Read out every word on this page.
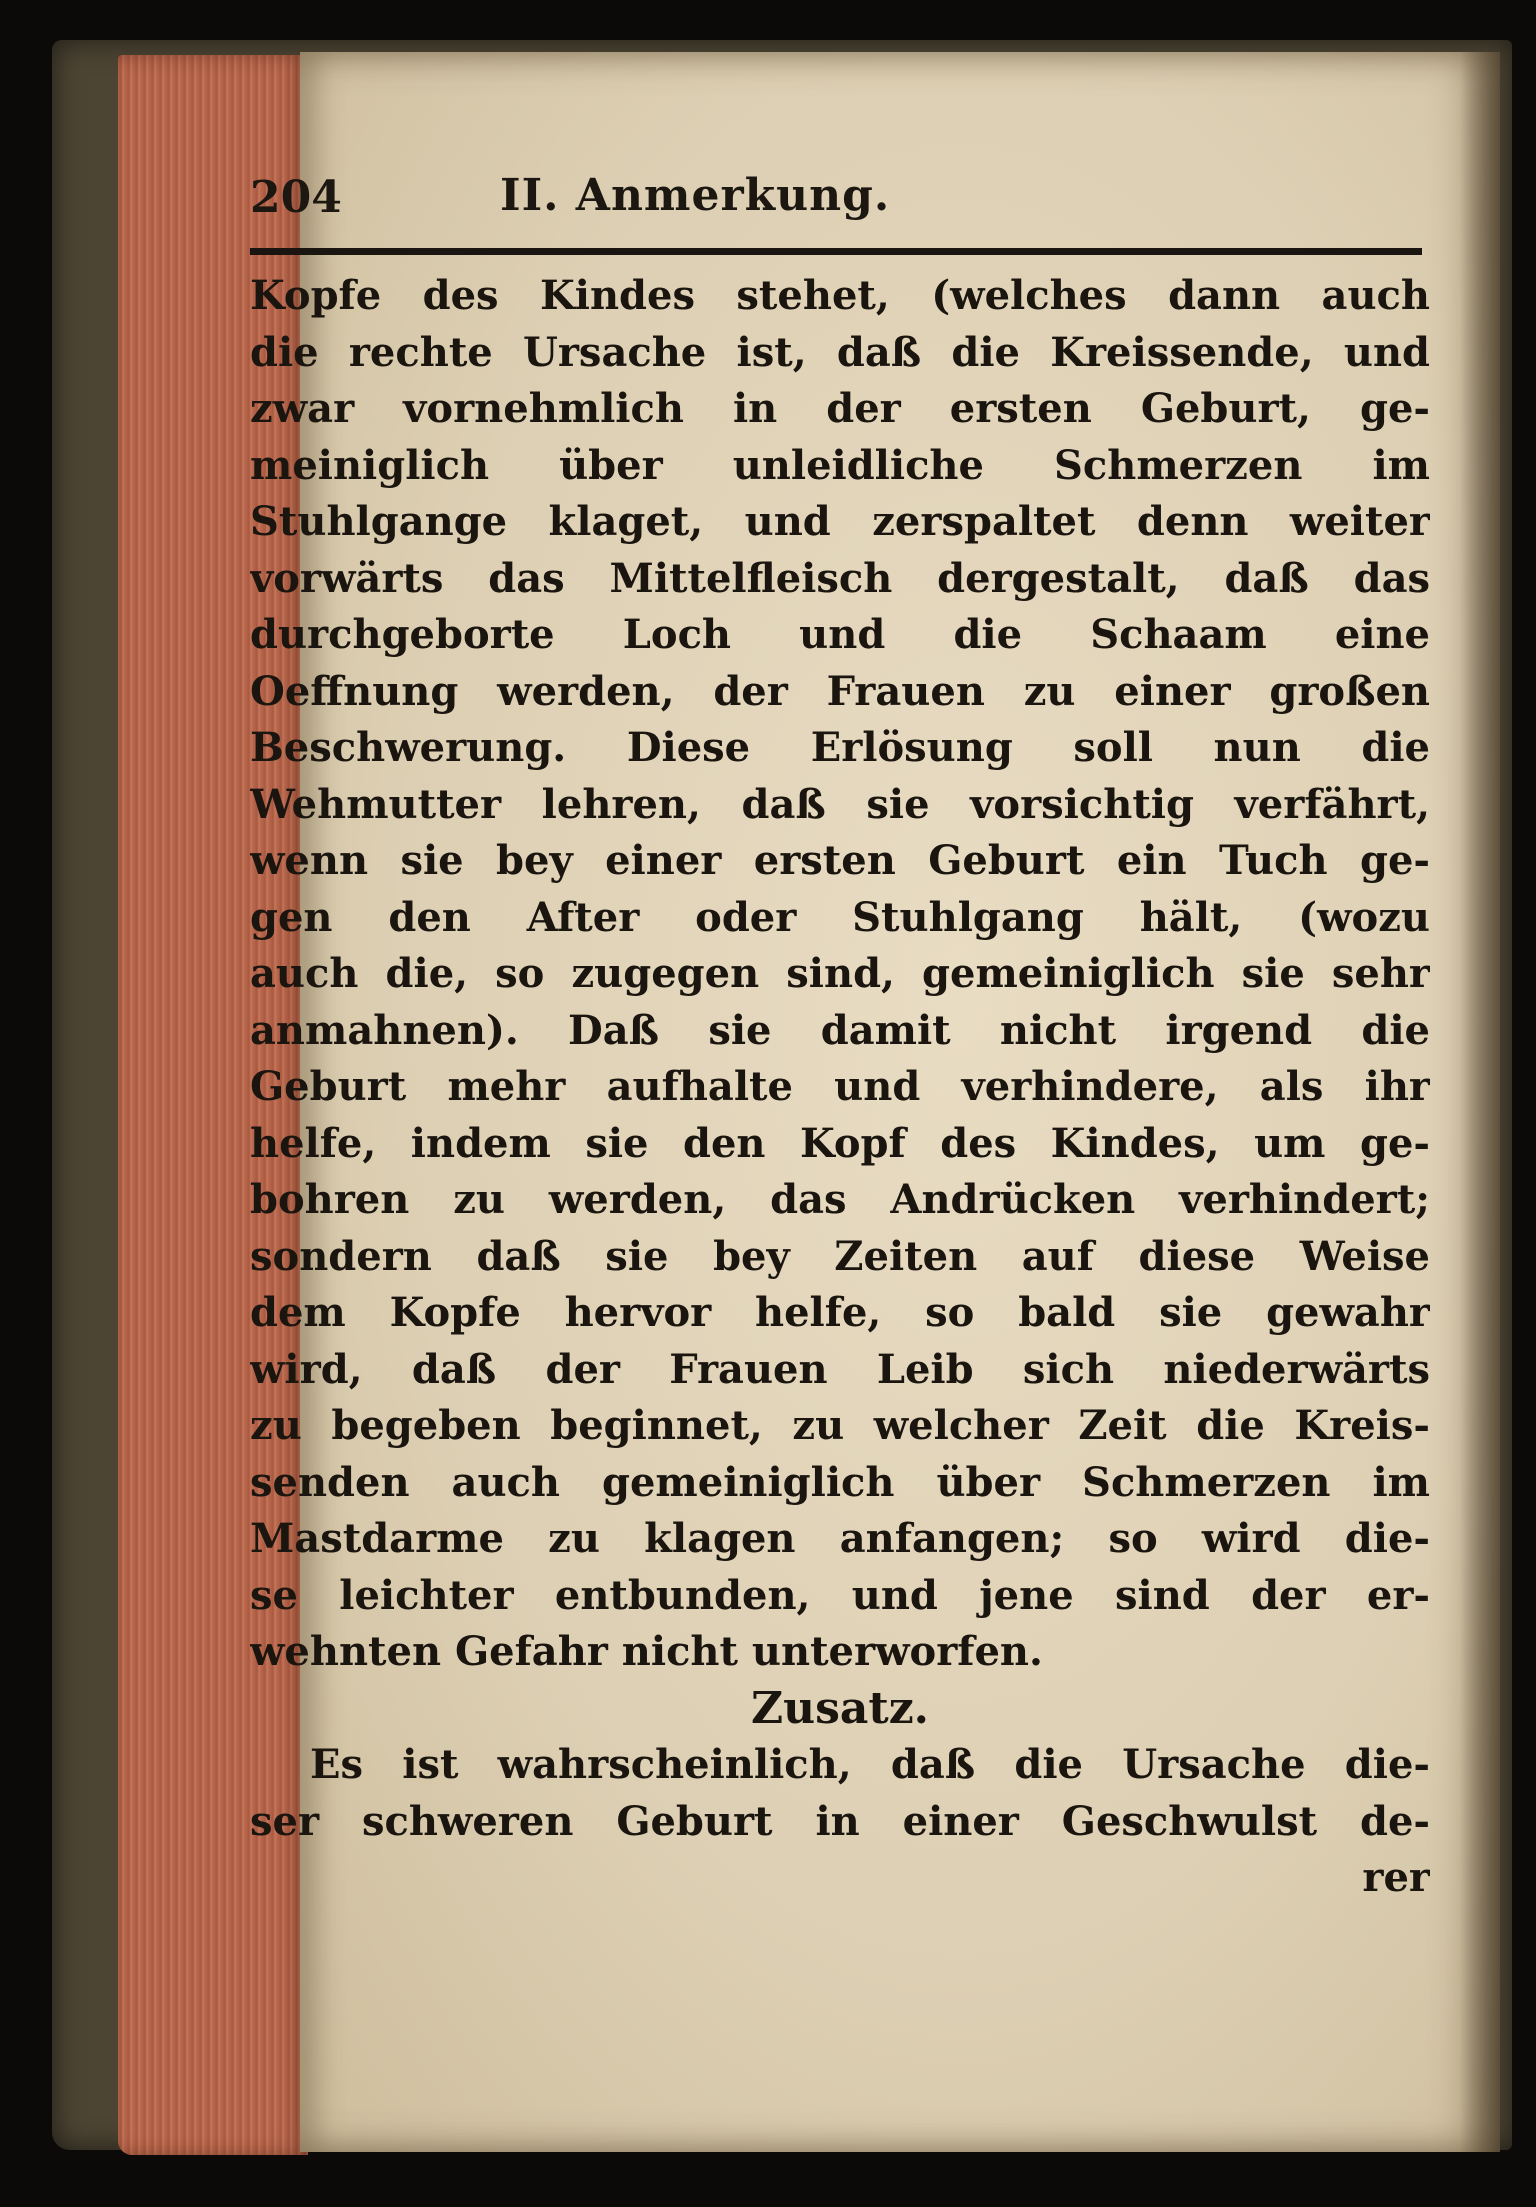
204	II. Anmerkung.
Kopfe des Kindes stehet, (welches dann auch
die rechte Ursache ist, daß die Kreissende, und
zwar vornehmlich in der ersten Geburt, ge-
meiniglich über unleidliche Schmerzen im
Stuhlgange klaget, und zerspaltet denn weiter
vorwärts das Mittelfleisch dergestalt, daß das
durchgeborte Loch und die Schaam eine
Oeffnung werden, der Frauen zu einer großen
Beschwerung. Diese Erlösung soll nun die
Wehmutter lehren, daß sie vorsichtig verfährt,
wenn sie bey einer ersten Geburt ein Tuch ge-
gen den After oder Stuhlgang hält, (wozu
auch die, so zugegen sind, gemeiniglich sie sehr
anmahnen). Daß sie damit nicht irgend die
Geburt mehr aufhalte und verhindere, als ihr
helfe, indem sie den Kopf des Kindes, um ge-
bohren zu werden, das Andrücken verhindert;
sondern daß sie bey Zeiten auf diese Weise
dem Kopfe hervor helfe, so bald sie gewahr
wird, daß der Frauen Leib sich niederwärts
zu begeben beginnet, zu welcher Zeit die Kreis-
senden auch gemeiniglich über Schmerzen im
Mastdarme zu klagen anfangen; so wird die-
se leichter entbunden, und jene sind der er-
wehnten Gefahr nicht unterworfen.
Zusatz.
Es ist wahrscheinlich, daß die Ursache die-
ser schweren Geburt in einer Geschwulst de-
rer
